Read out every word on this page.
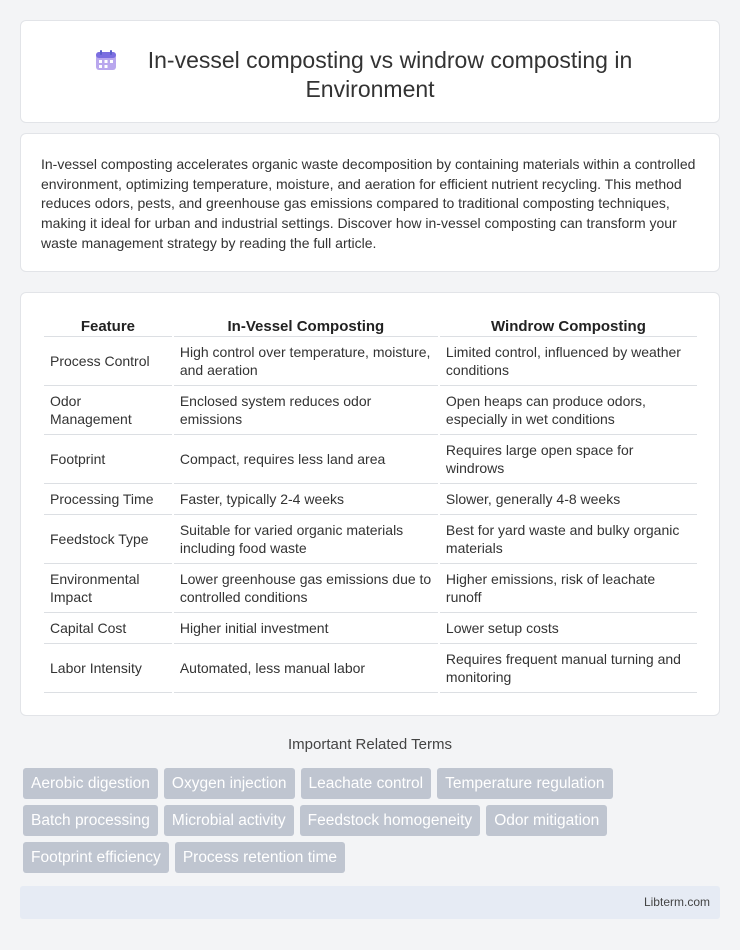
In-vessel composting vs windrow composting in
Environment

In-vessel composting accelerates organic waste decomposition by containing materials within a controlled environment, optimizing temperature, moisture, and aeration for efficient nutrient recycling. This method reduces odors, pests, and greenhouse gas emissions compared to traditional composting techniques, making it ideal for urban and industrial settings. Discover how in-vessel composting can transform your waste management strategy by reading the full article.

Feature	In-Vessel Composting	Windrow Composting
Process Control	High control over temperature, moisture, and aeration	Limited control, influenced by weather conditions
Odor Management	Enclosed system reduces odor emissions	Open heaps can produce odors, especially in wet conditions
Footprint	Compact, requires less land area	Requires large open space for windrows
Processing Time	Faster, typically 2-4 weeks	Slower, generally 4-8 weeks
Feedstock Type	Suitable for varied organic materials including food waste	Best for yard waste and bulky organic materials
Environmental Impact	Lower greenhouse gas emissions due to controlled conditions	Higher emissions, risk of leachate runoff
Capital Cost	Higher initial investment	Lower setup costs
Labor Intensity	Automated, less manual labor	Requires frequent manual turning and monitoring
Important Related Terms
Aerobic digestion	Oxygen injection	Leachate control	Temperature regulation
Batch processing	Microbial activity	Feedstock homogeneity	Odor mitigation
Footprint efficiency	Process retention time
Libterm.com
